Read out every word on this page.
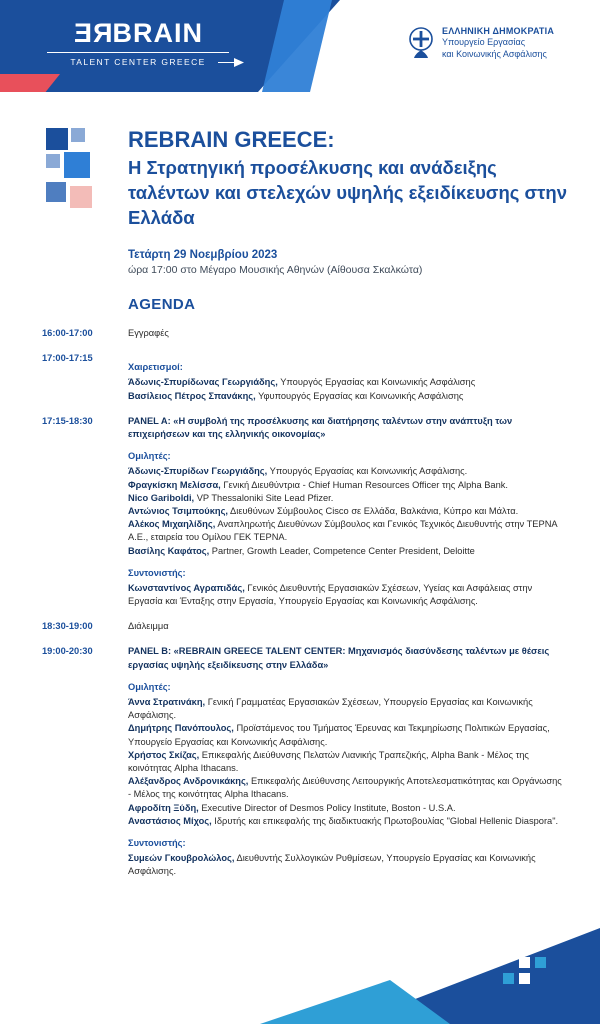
REBRAIN
TALENT CENTER GREECE
ΕΛΛΗΝΙΚΗ ΔΗΜΟΚΡΑΤΙΑ
Υπουργείο Εργασίας
και Κοινωνικής Ασφάλισης
REBRAIN GREECE:
Η Στρατηγική προσέλκυσης και ανάδειξης ταλέντων και στελεχών υψηλής εξειδίκευσης στην Ελλάδα
Τετάρτη 29 Νοεμβρίου 2023
ώρα 17:00 στο Μέγαρο Μουσικής Αθηνών (Αίθουσα Σκαλκώτα)
AGENDA
16:00-17:00	Εγγραφές
17:00-17:15
Χαιρετισμοί:
Άδωνις-Σπυρίδωνας Γεωργιάδης, Υπουργός Εργασίας και Κοινωνικής Ασφάλισης
Βασίλειος Πέτρος Σπανάκης, Υφυπουργός Εργασίας και Κοινωνικής Ασφάλισης
17:15-18:30	PANEL A: «Η συμβολή της προσέλκυσης και διατήρησης ταλέντων στην ανάπτυξη των επιχειρήσεων και της ελληνικής οικονομίας»
Ομιλητές:
Άδωνις-Σπυρίδων Γεωργιάδης, Υπουργός Εργασίας και Κοινωνικής Ασφάλισης.
Φραγκίσκη Μελίσσα, Γενική Διευθύντρια - Chief Human Resources Officer της Alpha Bank.
Nico Gariboldi, VP Thessaloniki Site Lead Pfizer.
Αντώνιος Τσιμπούκης, Διευθύνων Σύμβουλος Cisco σε Ελλάδα, Βαλκάνια, Κύπρο και Μάλτα.
Αλέκος Μιχαηλίδης, Αναπληρωτής Διευθύνων Σύμβουλος και Γενικός Τεχνικός Διευθυντής στην ΤΕΡΝΑ Α.Ε., εταιρεία του Ομίλου ΓΕΚ ΤΕΡΝΑ.
Βασίλης Καφάτος, Partner, Growth Leader, Competence Center President, Deloitte
Συντονιστής:
Κωνσταντίνος Αγραπιδάς, Γενικός Διευθυντής Εργασιακών Σχέσεων, Υγείας και Ασφάλειας στην Εργασία και Ένταξης στην Εργασία, Υπουργείο Εργασίας και Κοινωνικής Ασφάλισης.
18:30-19:00	Διάλειμμα
19:00-20:30	PANEL B: «REBRAIN GREECE TALENT CENTER: Μηχανισμός διασύνδεσης ταλέντων με θέσεις εργασίας υψηλής εξειδίκευσης στην Ελλάδα»
Ομιλητές:
Άννα Στρατινάκη, Γενική Γραμματέας Εργασιακών Σχέσεων, Υπουργείο Εργασίας και Κοινωνικής Ασφάλισης.
Δημήτρης Πανόπουλος, Προϊστάμενος του Τμήματος Έρευνας και Τεκμηρίωσης Πολιτικών Εργασίας, Υπουργείο Εργασίας και Κοινωνικής Ασφάλισης.
Χρήστος Σκίζας, Επικεφαλής Διεύθυνσης Πελατών Λιανικής Τραπεζικής, Alpha Bank - Μέλος της κοινότητας Alpha Ithacans.
Αλέξανδρος Ανδρονικάκης, Επικεφαλής Διεύθυνσης Λειτουργικής Αποτελεσματικότητας και Οργάνωσης - Μέλος της κοινότητας Alpha Ithacans.
Αφροδίτη Ξύδη, Executive Director of Desmos Policy Institute, Boston - U.S.A.
Αναστάσιος Μίχος, Ιδρυτής και επικεφαλής της διαδικτυακής Πρωτοβουλίας "Global Hellenic Diaspora".
Συντονιστής:
Συμεών Γκουβρολώλος, Διευθυντής Συλλογικών Ρυθμίσεων, Υπουργείο Εργασίας και Κοινωνικής Ασφάλισης.
